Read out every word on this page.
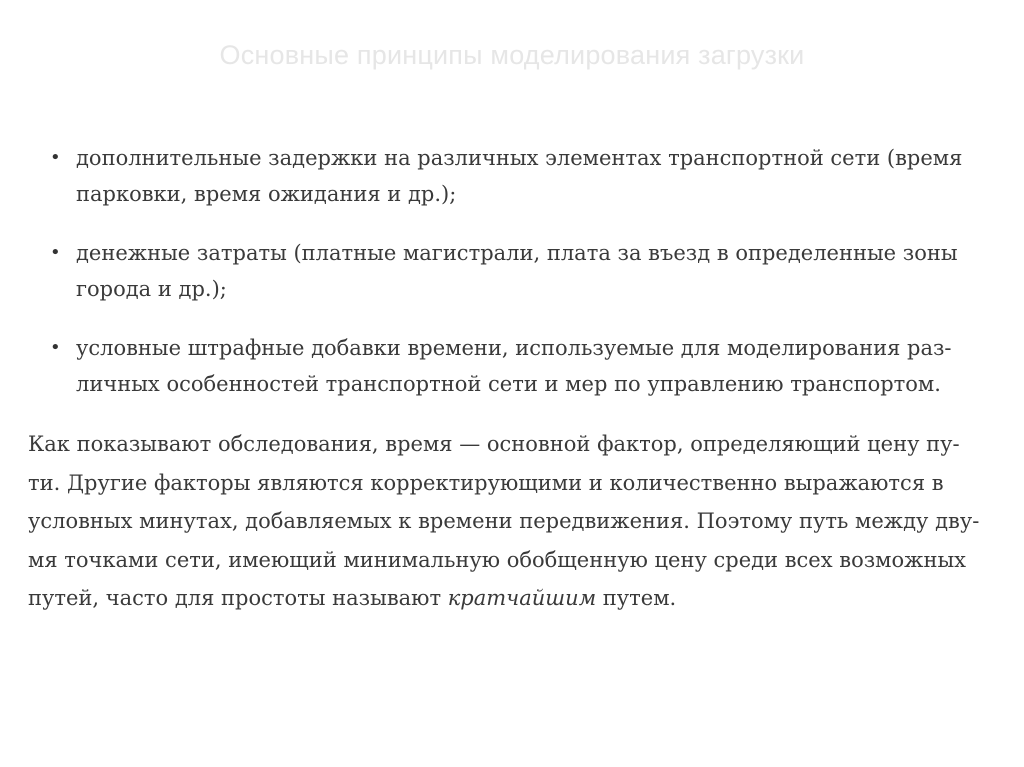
Основные принципы моделирования загрузки
• дополнительные задержки на различных элементах транспортной сети (время
парковки, время ожидания и др.);
• денежные затраты (платные магистрали, плата за въезд в определенные зоны
города и др.);
• условные штрафные добавки времени, используемые для моделирования раз-
личных особенностей транспортной сети и мер по управлению транспортом.

Как показывают обследования, время — основной фактор, определяющий цену пу-
ти. Другие факторы являются корректирующими и количественно выражаются в
условных минутах, добавляемых к времени передвижения. Поэтому путь между дву-
мя точками сети, имеющий минимальную обобщенную цену среди всех возможных
путей, часто для простоты называют кратчайшим путем.
